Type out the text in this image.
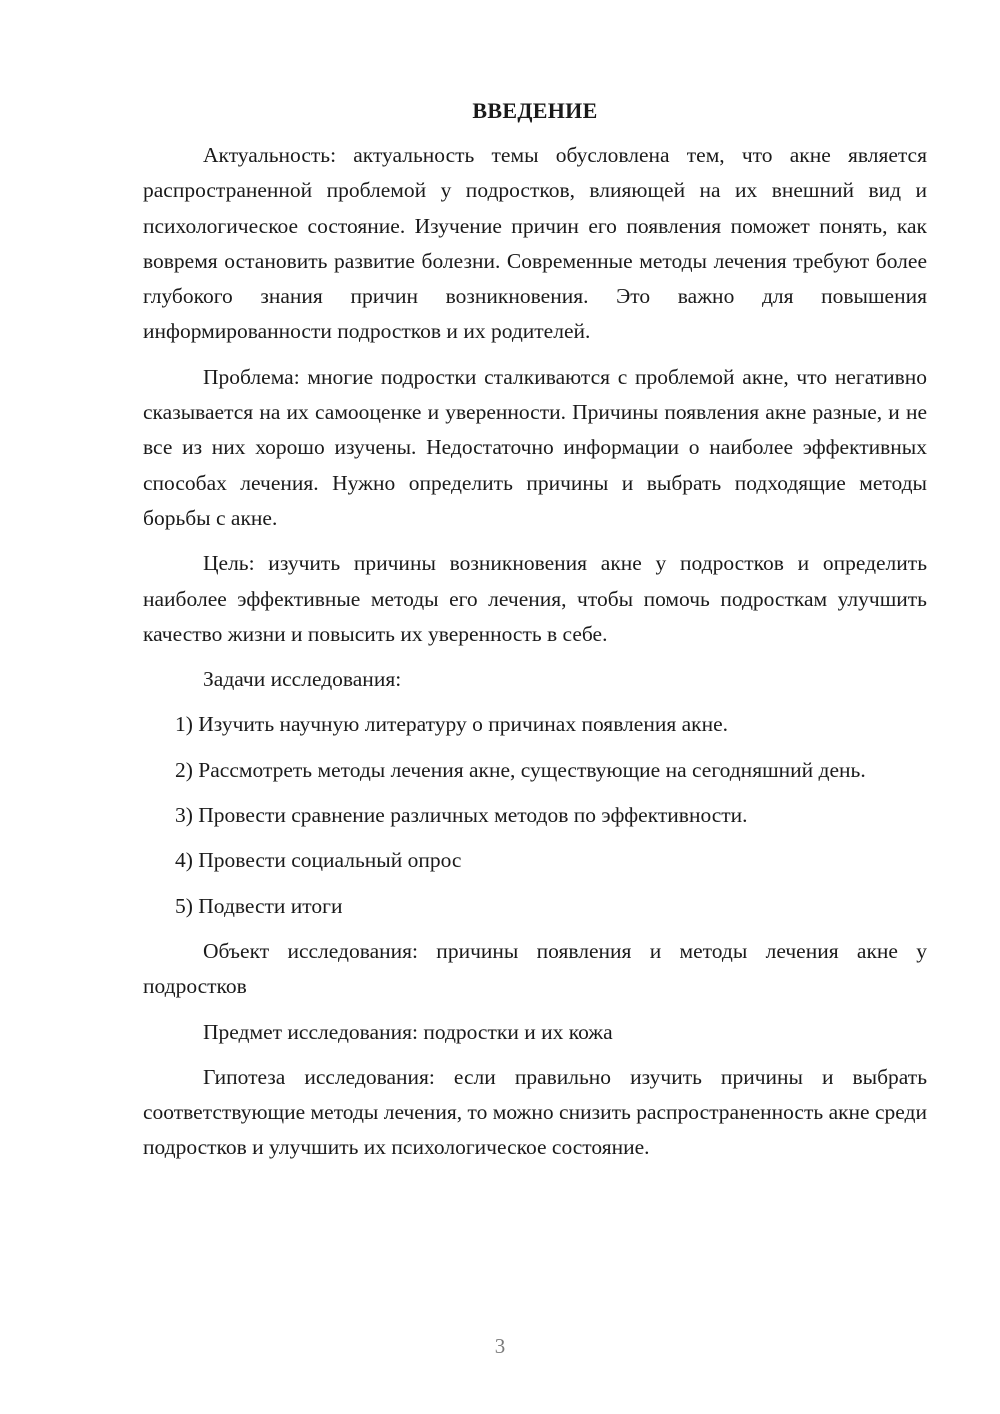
ВВЕДЕНИЕ

Актуальность: актуальность темы обусловлена тем, что акне является распространенной проблемой у подростков, влияющей на их внешний вид и психологическое состояние. Изучение причин его появления поможет понять, как вовремя остановить развитие болезни. Современные методы лечения требуют более глубокого знания причин возникновения. Это важно для повышения информированности подростков и их родителей.

Проблема: многие подростки сталкиваются с проблемой акне, что негативно сказывается на их самооценке и уверенности. Причины появления акне разные, и не все из них хорошо изучены. Недостаточно информации о наиболее эффективных способах лечения. Нужно определить причины и выбрать подходящие методы борьбы с акне.

Цель: изучить причины возникновения акне у подростков и определить наиболее эффективные методы его лечения, чтобы помочь подросткам улучшить качество жизни и повысить их уверенность в себе.

Задачи исследования:

1) Изучить научную литературу о причинах появления акне.

2) Рассмотреть методы лечения акне, существующие на сегодняшний день.

3) Провести сравнение различных методов по эффективности.

4) Провести социальный опрос

5) Подвести итоги

Объект исследования: причины появления и методы лечения акне у подростков

Предмет исследования: подростки и их кожа

Гипотеза исследования: если правильно изучить причины и выбрать соответствующие методы лечения, то можно снизить распространенность акне среди подростков и улучшить их психологическое состояние.

3
